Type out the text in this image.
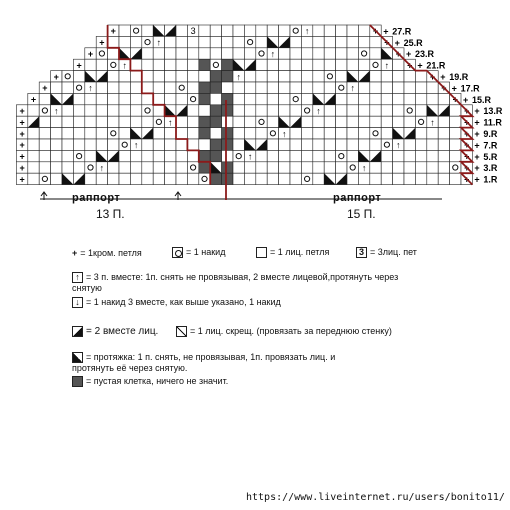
+	3	↑	+ + 27.R
+	↑	+ + 25.R
+	↑	+ + 23.R
+	↑	↑ + + 21.R
+	↑	+ + 19.R
+	↑	↑	+ + 17.R
+	+ + 15.R
+	↑	↑	+ + 13.R
+	↑	↑	+ + 11.R
+	↑	+ + 9.R
+	↑	↑	+ + 7.R
+	↑	+ + 5.R
+	↑	↑	+ + 3.R
+	+ + 1.R
раппорт
13 П.
раппорт
15 П.
+ = 1кром. петля	= 1 накид	= 1 лиц. петля	3 = 3лиц. пет
↑ = 3 п. вместе: 1п. снять не провязывая, 2 вместе лицевой,протянуть через снятую
↓ = 1 накид 3 вместе, как выше указано, 1 накид
= 2 вместе лиц.	= 1 лиц. скрещ. (провязать за переднюю стенку)
= протяжка: 1 п. снять, не провязывая, 1п. провязать лиц. и протянуть её через снятую.
= пустая клетка, ничего не значит.
https://www.liveinternet.ru/users/bonito11/
